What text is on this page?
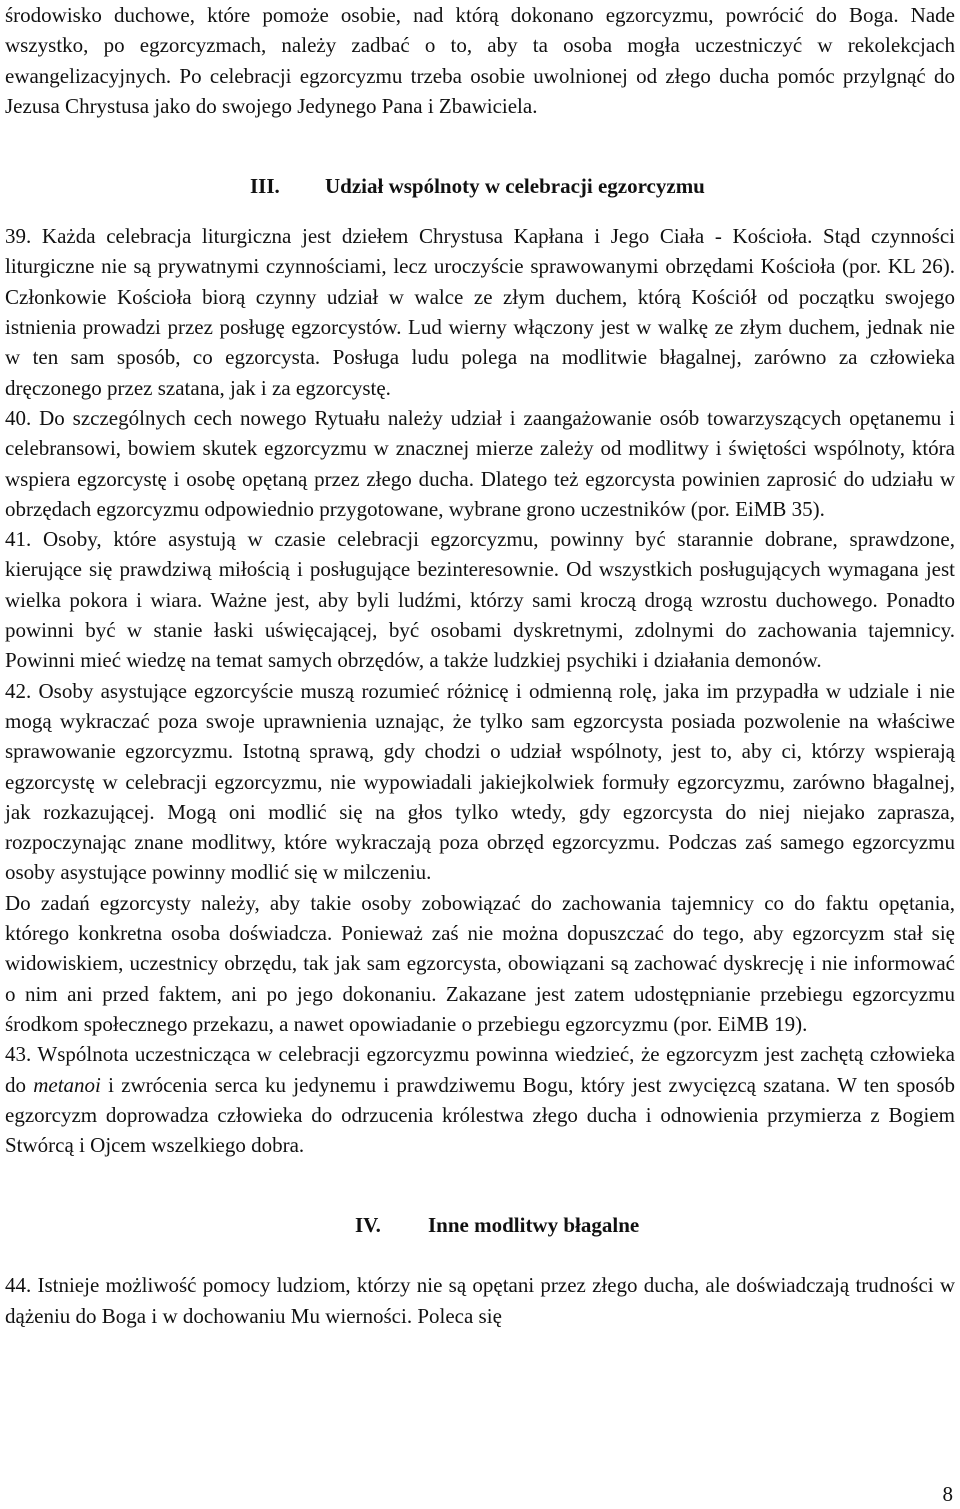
środowisko duchowe, które pomoże osobie, nad którą dokonano egzorcyzmu, powrócić do Boga. Nade wszystko, po egzorcyzmach, należy zadbać o to, aby ta osoba mogła uczestniczyć w rekolekcjach ewangelizacyjnych. Po celebracji egzorcyzmu trzeba osobie uwolnionej od złego ducha pomóc przylgnąć do Jezusa Chrystusa jako do swojego Jedynego Pana i Zbawiciela.

III. Udział wspólnoty w celebracji egzorcyzmu

39. Każda celebracja liturgiczna jest dziełem Chrystusa Kapłana i Jego Ciała - Kościoła. Stąd czynności liturgiczne nie są prywatnymi czynnościami, lecz uroczyście sprawowanymi obrzędami Kościoła (por. KL 26). Członkowie Kościoła biorą czynny udział w walce ze złym duchem, którą Kościół od początku swojego istnienia prowadzi przez posługę egzorcystów. Lud wierny włączony jest w walkę ze złym duchem, jednak nie w ten sam sposób, co egzorcysta. Posługa ludu polega na modlitwie błagalnej, zarówno za człowieka dręczonego przez szatana, jak i za egzorcystę.

40. Do szczególnych cech nowego Rytuału należy udział i zaangażowanie osób towarzyszących opętanemu i celebransowi, bowiem skutek egzorcyzmu w znacznej mierze zależy od modlitwy i świętości wspólnoty, która wspiera egzorcystę i osobę opętaną przez złego ducha. Dlatego też egzorcysta powinien zaprosić do udziału w obrzędach egzorcyzmu odpowiednio przygotowane, wybrane grono uczestników (por. EiMB 35).

41. Osoby, które asystują w czasie celebracji egzorcyzmu, powinny być starannie dobrane, sprawdzone, kierujące się prawdziwą miłością i posługujące bezinteresownie. Od wszystkich posługujących wymagana jest wielka pokora i wiara. Ważne jest, aby byli ludźmi, którzy sami kroczą drogą wzrostu duchowego. Ponadto powinni być w stanie łaski uświęcającej, być osobami dyskretnymi, zdolnymi do zachowania tajemnicy. Powinni mieć wiedzę na temat samych obrzędów, a także ludzkiej psychiki i działania demonów.

42. Osoby asystujące egzorcyście muszą rozumieć różnicę i odmienną rolę, jaka im przypadła w udziale i nie mogą wykraczać poza swoje uprawnienia uznając, że tylko sam egzorcysta posiada pozwolenie na właściwe sprawowanie egzorcyzmu. Istotną sprawą, gdy chodzi o udział wspólnoty, jest to, aby ci, którzy wspierają egzorcystę w celebracji egzorcyzmu, nie wypowiadali jakiejkolwiek formuły egzorcyzmu, zarówno błagalnej, jak rozkazującej. Mogą oni modlić się na głos tylko wtedy, gdy egzorcysta do niej niejako zaprasza, rozpoczynając znane modlitwy, które wykraczają poza obrzęd egzorcyzmu. Podczas zaś samego egzorcyzmu osoby asystujące powinny modlić się w milczeniu.

Do zadań egzorcysty należy, aby takie osoby zobowiązać do zachowania tajemnicy co do faktu opętania, którego konkretna osoba doświadcza. Ponieważ zaś nie można dopuszczać do tego, aby egzorcyzm stał się widowiskiem, uczestnicy obrzędu, tak jak sam egzorcysta, obowiązani są zachować dyskrecję i nie informować o nim ani przed faktem, ani po jego dokonaniu. Zakazane jest zatem udostępnianie przebiegu egzorcyzmu środkom społecznego przekazu, a nawet opowiadanie o przebiegu egzorcyzmu (por. EiMB 19).

43. Wspólnota uczestnicząca w celebracji egzorcyzmu powinna wiedzieć, że egzorcyzm jest zachętą człowieka do metanoi i zwrócenia serca ku jedynemu i prawdziwemu Bogu, który jest zwycięzcą szatana. W ten sposób egzorcyzm doprowadza człowieka do odrzucenia królestwa złego ducha i odnowienia przymierza z Bogiem Stwórcą i Ojcem wszelkiego dobra.

IV. Inne modlitwy błagalne

44. Istnieje możliwość pomocy ludziom, którzy nie są opętani przez złego ducha, ale doświadczają trudności w dążeniu do Boga i w dochowaniu Mu wierności. Poleca się

8
